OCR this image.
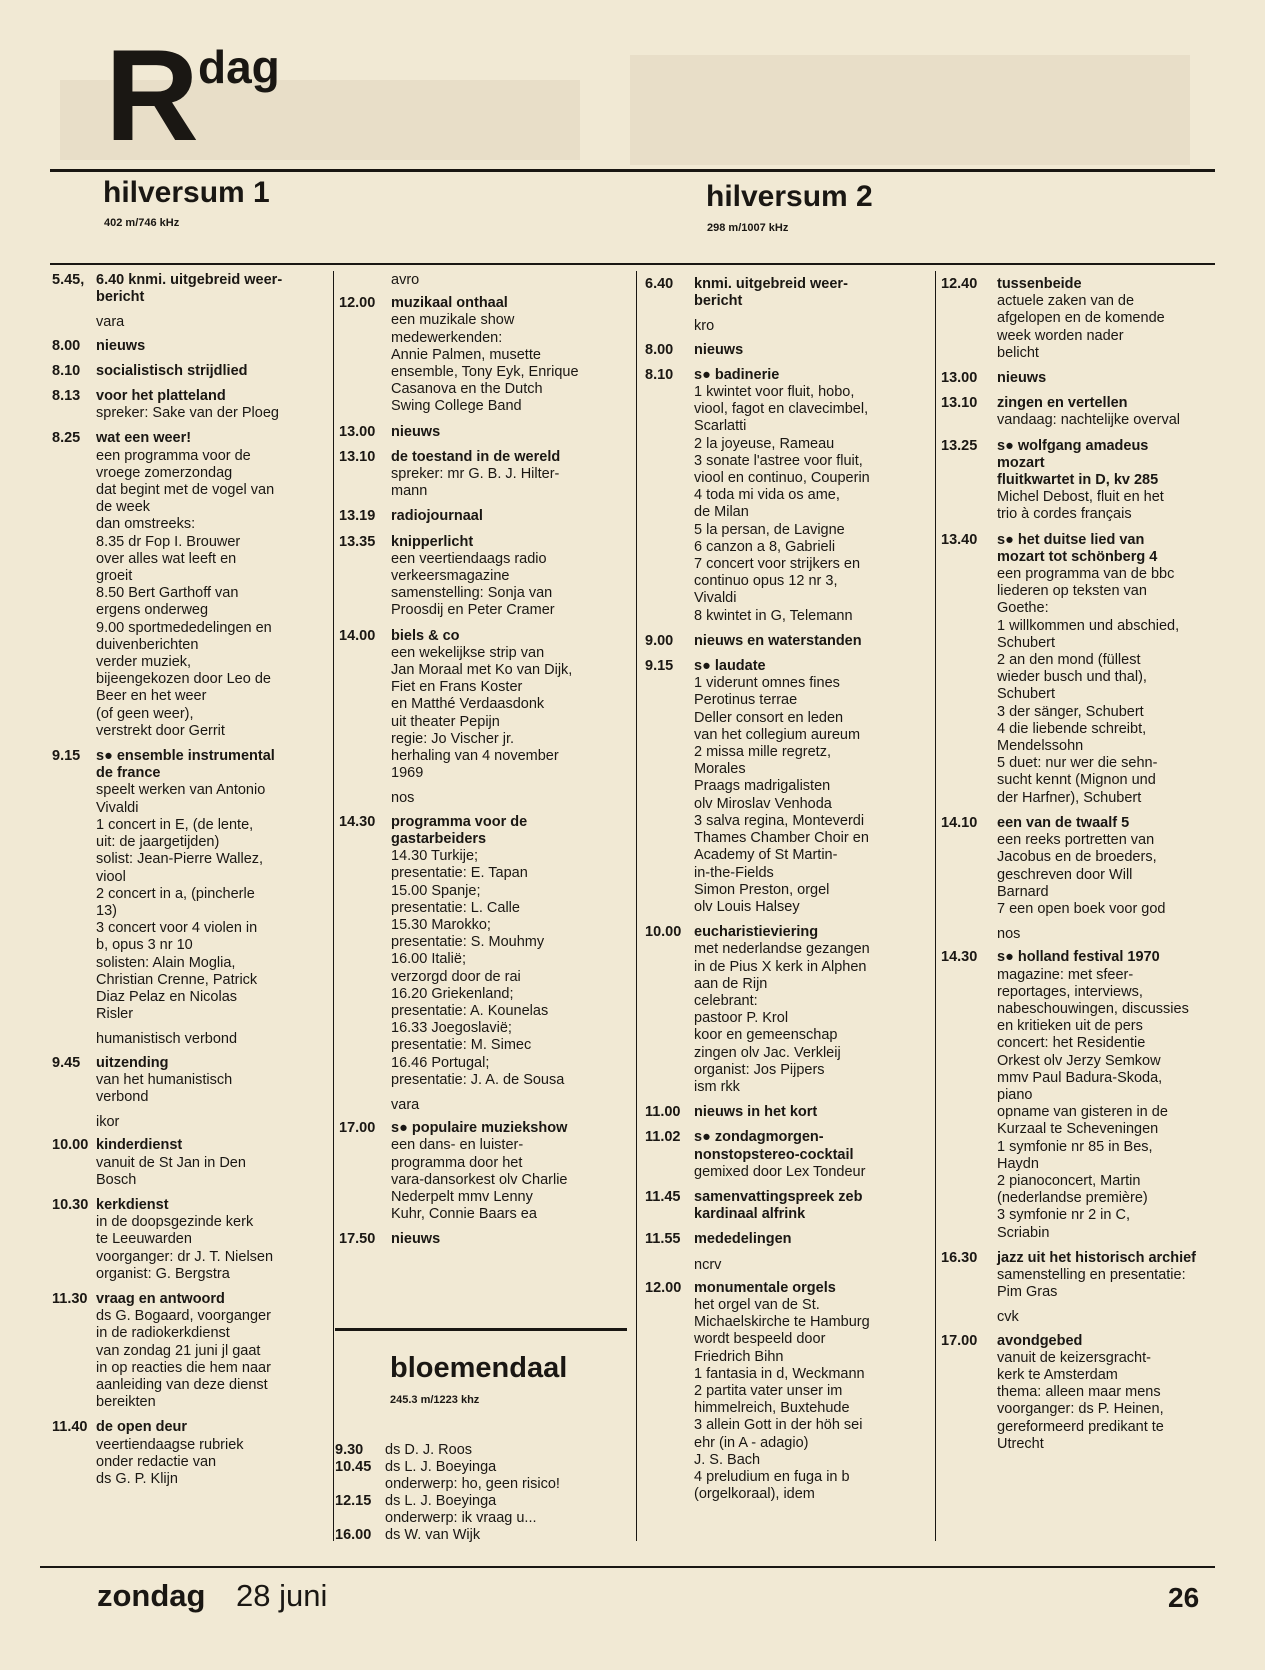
R dag
hilversum 1
402 m/746 kHz
hilversum 2
298 m/1007 kHz
5.45, 6.40 knmi. uitgebreid weer-
bericht
vara
8.00	nieuws
8.10	socialistisch strijdlied
8.13	voor het platteland
spreker: Sake van der Ploeg
8.25	wat een weer!
een programma voor de
vroege zomerzondag
dat begint met de vogel van
de week
dan omstreeks:
8.35 dr Fop I. Brouwer
over alles wat leeft en
groeit
8.50 Bert Garthoff van
ergens onderweg
9.00 sportmededelingen en
duivenberichten
verder muziek,
bijeengekozen door Leo de
Beer en het weer
(of geen weer),
verstrekt door Gerrit
9.15	s● ensemble instrumental
de france
speelt werken van Antonio
Vivaldi
1 concert in E, (de lente,
uit: de jaargetijden)
solist: Jean-Pierre Wallez,
viool
2 concert in a, (pincherle
13)
3 concert voor 4 violen in
b, opus 3 nr 10
solisten: Alain Moglia,
Christian Crenne, Patrick
Diaz Pelaz en Nicolas
Risler
humanistisch verbond
9.45	uitzending
van het humanistisch
verbond
ikor
10.00 kinderdienst
vanuit de St Jan in Den
Bosch
10.30 kerkdienst
in de doopsgezinde kerk
te Leeuwarden
voorganger: dr J. T. Nielsen
organist: G. Bergstra
11.30 vraag en antwoord
ds G. Bogaard, voorganger
in de radiokerkdienst
van zondag 21 juni jl gaat
in op reacties die hem naar
aanleiding van deze dienst
bereikten
11.40 de open deur
veertiendaagse rubriek
onder redactie van
ds G. P. Klijn
avro
12.00	muzikaal onthaal
een muzikale show
medewerkenden:
Annie Palmen, musette
ensemble, Tony Eyk, Enrique
Casanova en the Dutch
Swing College Band
13.00	nieuws
13.10	de toestand in de wereld
spreker: mr G. B. J. Hilter-
mann
13.19	radiojournaal
13.35	knipperlicht
een veertiendaags radio
verkeersmagazine
samenstelling: Sonja van
Proosdij en Peter Cramer
14.00	biels & co
een wekelijkse strip van
Jan Moraal met Ko van Dijk,
Fiet en Frans Koster
en Matthé Verdaasdonk
uit theater Pepijn
regie: Jo Vischer jr.
herhaling van 4 november
1969
nos
14.30	programma voor de
gastarbeiders
14.30 Turkije;
presentatie: E. Tapan
15.00 Spanje;
presentatie: L. Calle
15.30 Marokko;
presentatie: S. Mouhmy
16.00 Italië;
verzorgd door de rai
16.20 Griekenland;
presentatie: A. Kounelas
16.33 Joegoslavië;
presentatie: M. Simec
16.46 Portugal;
presentatie: J. A. de Sousa
vara
17.00	s● populaire muziekshow
een dans- en luister-
programma door het
vara-dansorkest olv Charlie
Nederpelt mmv Lenny
Kuhr, Connie Baars ea
17.50	nieuws
6.40	knmi. uitgebreid weer-
bericht
kro
8.00	nieuws
8.10	s● badinerie
1 kwintet voor fluit, hobo,
viool, fagot en clavecimbel,
Scarlatti
2 la joyeuse, Rameau
3 sonate l'astree voor fluit,
viool en continuo, Couperin
4 toda mi vida os ame,
de Milan
5 la persan, de Lavigne
6 canzon a 8, Gabrieli
7 concert voor strijkers en
continuo opus 12 nr 3,
Vivaldi
8 kwintet in G, Telemann
9.00	nieuws en waterstanden
9.15	s● laudate
1 viderunt omnes fines
Perotinus terrae
Deller consort en leden
van het collegium aureum
2 missa mille regretz,
Morales
Praags madrigalisten
olv Miroslav Venhoda
3 salva regina, Monteverdi
Thames Chamber Choir en
Academy of St Martin-
in-the-Fields
Simon Preston, orgel
olv Louis Halsey
10.00 eucharistieviering
met nederlandse gezangen
in de Pius X kerk in Alphen
aan de Rijn
celebrant:
pastoor P. Krol
koor en gemeenschap
zingen olv Jac. Verkleij
organist: Jos Pijpers
ism rkk
11.00 nieuws in het kort
11.02 s● zondagmorgen-
nonstopstereo-cocktail
gemixed door Lex Tondeur
11.45 samenvattingspreek zeb
kardinaal alfrink
11.55 mededelingen
ncrv
12.00 monumentale orgels
het orgel van de St.
Michaelskirche te Hamburg
wordt bespeeld door
Friedrich Bihn
1 fantasia in d, Weckmann
2 partita vater unser im
himmelreich, Buxtehude
3 allein Gott in der höh sei
ehr (in A - adagio)
J. S. Bach
4 preludium en fuga in b
(orgelkoraal), idem
12.40	tussenbeide
actuele zaken van de
afgelopen en de komende
week worden nader
belicht
13.00	nieuws
13.10	zingen en vertellen
vandaag: nachtelijke overval
13.25	s● wolfgang amadeus
mozart
fluitkwartet in D, kv 285
Michel Debost, fluit en het
trio à cordes français
13.40	s● het duitse lied van
mozart tot schönberg 4
een programma van de bbc
liederen op teksten van
Goethe:
1 willkommen und abschied,
Schubert
2 an den mond (füllest
wieder busch und thal),
Schubert
3 der sänger, Schubert
4 die liebende schreibt,
Mendelssohn
5 duet: nur wer die sehn-
sucht kennt (Mignon und
der Harfner), Schubert
14.10	een van de twaalf 5
een reeks portretten van
Jacobus en de broeders,
geschreven door Will
Barnard
7 een open boek voor god
nos
14.30	s● holland festival 1970
magazine: met sfeer-
reportages, interviews,
nabeschouwingen, discussies
en kritieken uit de pers
concert: het Residentie
Orkest olv Jerzy Semkow
mmv Paul Badura-Skoda,
piano
opname van gisteren in de
Kurzaal te Scheveningen
1 symfonie nr 85 in Bes,
Haydn
2 pianoconcert, Martin
(nederlandse première)
3 symfonie nr 2 in C,
Scriabin
16.30	jazz uit het historisch archief
samenstelling en presentatie:
Pim Gras
cvk
17.00	avondgebed
vanuit de keizersgracht-
kerk te Amsterdam
thema: alleen maar mens
voorganger: ds P. Heinen,
gereformeerd predikant te
Utrecht
bloemendaal
245.3 m/1223 khz
9.30	ds D. J. Roos
10.45 ds L. J. Boeyinga
onderwerp: ho, geen risico!
12.15 ds L. J. Boeyinga
onderwerp: ik vraag u...
16.00 ds W. van Wijk
zondag 28 juni	26
